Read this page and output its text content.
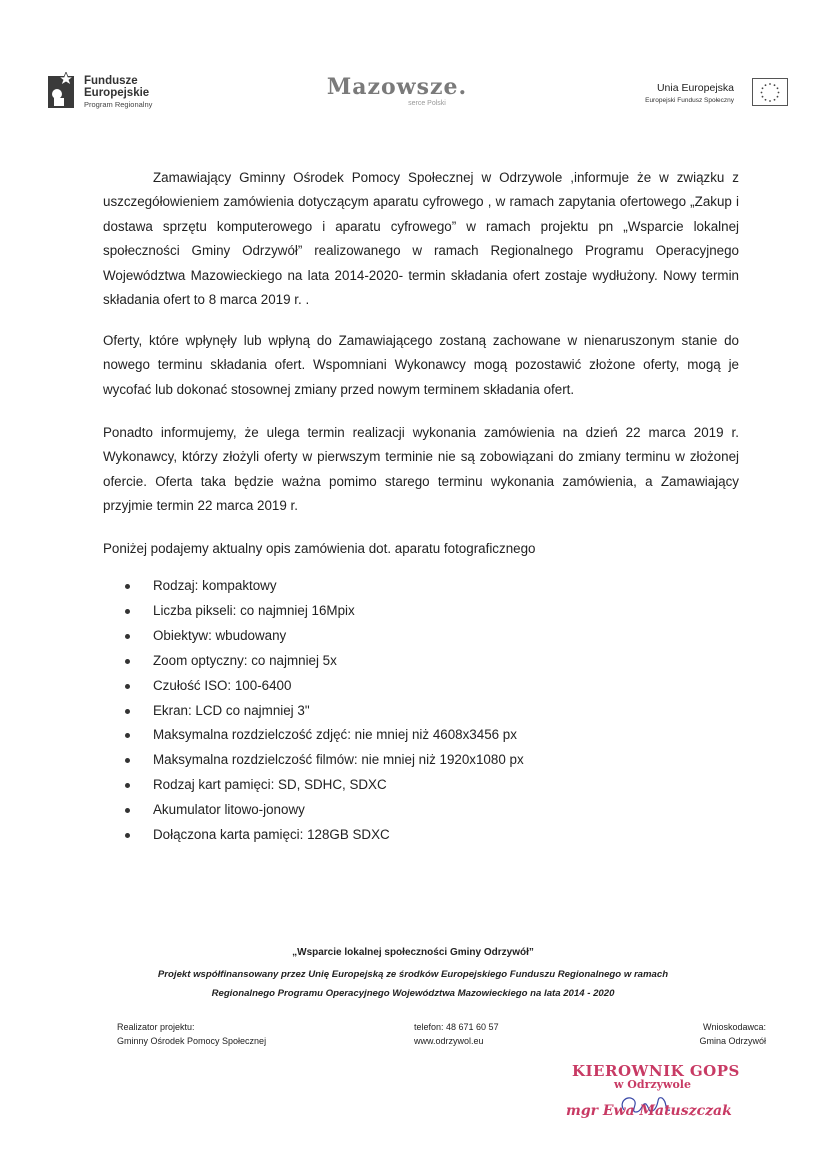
Fundusze
Europejskie
Program Regionalny
Mazowsze.
serce Polski
Unia Europejska
Europejski Fundusz Społeczny
Zamawiający Gminny Ośrodek Pomocy Społecznej w Odrzywole ,informuje że w związku z uszczegółowieniem zamówienia dotyczącym aparatu cyfrowego , w ramach zapytania ofertowego „Zakup i dostawa sprzętu komputerowego i aparatu cyfrowego” w ramach projektu pn „Wsparcie lokalnej społeczności Gminy Odrzywół” realizowanego w ramach Regionalnego Programu Operacyjnego Województwa Mazowieckiego na lata 2014-2020- termin składania ofert zostaje wydłużony. Nowy termin składania ofert to 8 marca 2019 r. .
Oferty, które wpłynęły lub wpłyną do Zamawiającego zostaną zachowane w nienaruszonym stanie do nowego terminu składania ofert. Wspomniani Wykonawcy mogą pozostawić złożone oferty, mogą je wycofać lub dokonać stosownej zmiany przed nowym terminem składania ofert.
Ponadto informujemy, że ulega termin realizacji wykonania zamówienia na dzień 22 marca 2019 r. Wykonawcy, którzy złożyli oferty w pierwszym terminie nie są zobowiązani do zmiany terminu w złożonej ofercie. Oferta taka będzie ważna pomimo starego terminu wykonania zamówienia, a Zamawiający przyjmie termin 22 marca 2019 r.
Poniżej podajemy aktualny opis zamówienia dot. aparatu fotograficznego
Rodzaj: kompaktowy
Liczba pikseli: co najmniej 16Mpix
Obiektyw: wbudowany
Zoom optyczny: co najmniej 5x
Czułość ISO: 100-6400
Ekran: LCD co najmniej 3"
Maksymalna rozdzielczość zdjęć: nie mniej niż 4608x3456 px
Maksymalna rozdzielczość filmów: nie mniej niż 1920x1080 px
Rodzaj kart pamięci: SD, SDHC, SDXC
Akumulator litowo-jonowy
Dołączona karta pamięci: 128GB SDXC
„Wsparcie lokalnej społeczności Gminy Odrzywół”
Projekt współfinansowany przez Unię Europejską ze środków Europejskiego Funduszu Regionalnego w ramach
Regionalnego Programu Operacyjnego Województwa Mazowieckiego na lata 2014 - 2020
Realizator projektu:
Gminny Ośrodek Pomocy Społecznej
telefon: 48 671 60 57
www.odrzywol.eu
Wnioskodawca:
Gmina Odrzywół
KIEROWNIK GOPS
w Odrzywole
mgr Ewa Matuszczak
